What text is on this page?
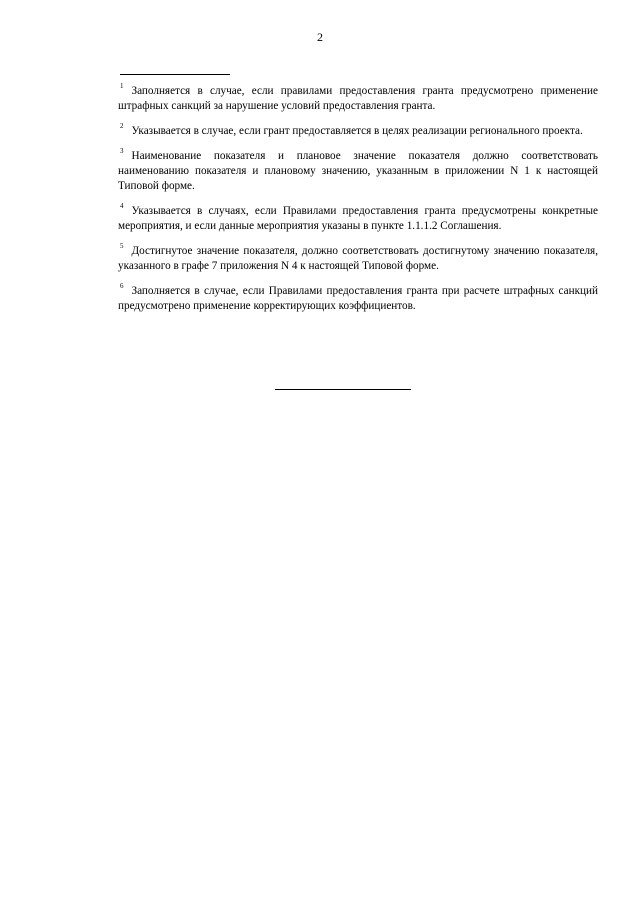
2

$^1$ Заполняется в случае, если правилами предоставления гранта предусмотрено применение штрафных санкций за нарушение условий предоставления гранта.

$^2$ Указывается в случае, если грант предоставляется в целях реализации регионального проекта.

$^3$ Наименование показателя и плановое значение показателя должно соответствовать наименованию показателя и плановому значению, указанным в приложении N 1 к настоящей Типовой форме.

$^4$ Указывается в случаях, если Правилами предоставления гранта предусмотрены конкретные мероприятия, и если данные мероприятия указаны в пункте 1.1.1.2 Соглашения.

$^5$ Достигнутое значение показателя, должно соответствовать достигнутому значению показателя, указанного в графе 7 приложения N 4 к настоящей Типовой форме.

$^6$ Заполняется в случае, если Правилами предоставления гранта при расчете штрафных санкций предусмотрено применение корректирующих коэффициентов.
